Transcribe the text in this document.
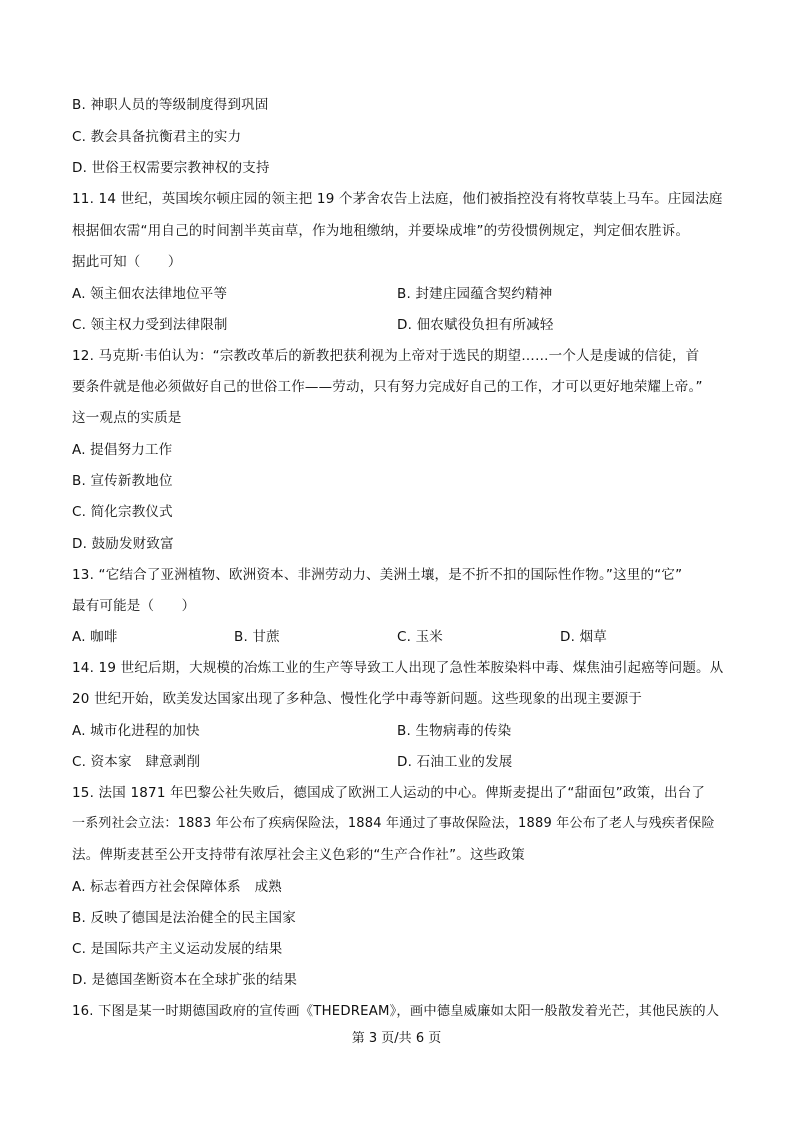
B. 神职人员的等级制度得到巩固
C. 教会具备抗衡君主的实力
D. 世俗王权需要宗教神权的支持
11. 14 世纪，英国埃尔顿庄园的领主把 19 个茅舍农告上法庭，他们被指控没有将牧草装上马车。庄园法庭
根据佃农需“用自己的时间割半英亩草，作为地租缴纳，并要垛成堆”的劳役惯例规定，判定佃农胜诉。
据此可知（　　）
A. 领主佃农法律地位平等	B. 封建庄园蕴含契约精神
C. 领主权力受到法律限制	D. 佃农赋役负担有所减轻
12. 马克斯·韦伯认为：“宗教改革后的新教把获利视为上帝对于选民的期望……一个人是虔诚的信徒，首
要条件就是他必须做好自己的世俗工作——劳动，只有努力完成好自己的工作，才可以更好地荣耀上帝。”
这一观点的实质是
A. 提倡努力工作
B. 宣传新教地位
C. 简化宗教仪式
D. 鼓励发财致富
13. “它结合了亚洲植物、欧洲资本、非洲劳动力、美洲土壤，是不折不扣的国际性作物。”这里的“它”
最有可能是（　　）
A. 咖啡	B. 甘蔗	C. 玉米	D. 烟草
14. 19 世纪后期，大规模的冶炼工业的生产等导致工人出现了急性苯胺染料中毒、煤焦油引起癌等问题。从
20 世纪开始，欧美发达国家出现了多种急、慢性化学中毒等新问题。这些现象的出现主要源于
A. 城市化进程的加快	B. 生物病毒的传染
C. 资本家　肆意剥削	D. 石油工业的发展
15. 法国 1871 年巴黎公社失败后，德国成了欧洲工人运动的中心。俾斯麦提出了“甜面包”政策，出台了
一系列社会立法：1883 年公布了疾病保险法，1884 年通过了事故保险法，1889 年公布了老人与残疾者保险
法。俾斯麦甚至公开支持带有浓厚社会主义色彩的“生产合作社”。这些政策
A. 标志着西方社会保障体系　成熟
B. 反映了德国是法治健全的民主国家
C. 是国际共产主义运动发展的结果
D. 是德国垄断资本在全球扩张的结果
16. 下图是某一时期德国政府的宣传画《THEDREAM》，画中德皇威廉如太阳一般散发着光芒，其他民族的人
第 3 页/共 6 页
